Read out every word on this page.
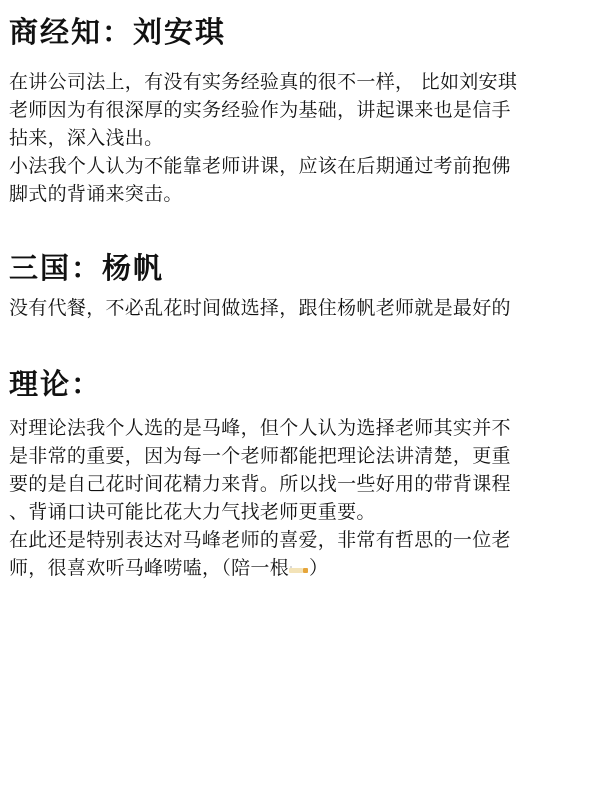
商经知：刘安琪
在讲公司法上，有没有实务经验真的很不一样， 比如刘安琪
老师因为有很深厚的实务经验作为基础，讲起课来也是信手
拈来，深入浅出。
小法我个人认为不能靠老师讲课，应该在后期通过考前抱佛
脚式的背诵来突击。
三国：杨帆
没有代餐，不必乱花时间做选择，跟住杨帆老师就是最好的
理论：
对理论法我个人选的是马峰，但个人认为选择老师其实并不
是非常的重要，因为每一个老师都能把理论法讲清楚，更重
要的是自己花时间花精力来背。所以找一些好用的带背课程
、背诵口诀可能比花大力气找老师更重要。
在此还是特别表达对马峰老师的喜爱，非常有哲思的一位老
师，很喜欢听马峰唠嗑，（陪一根 ）
